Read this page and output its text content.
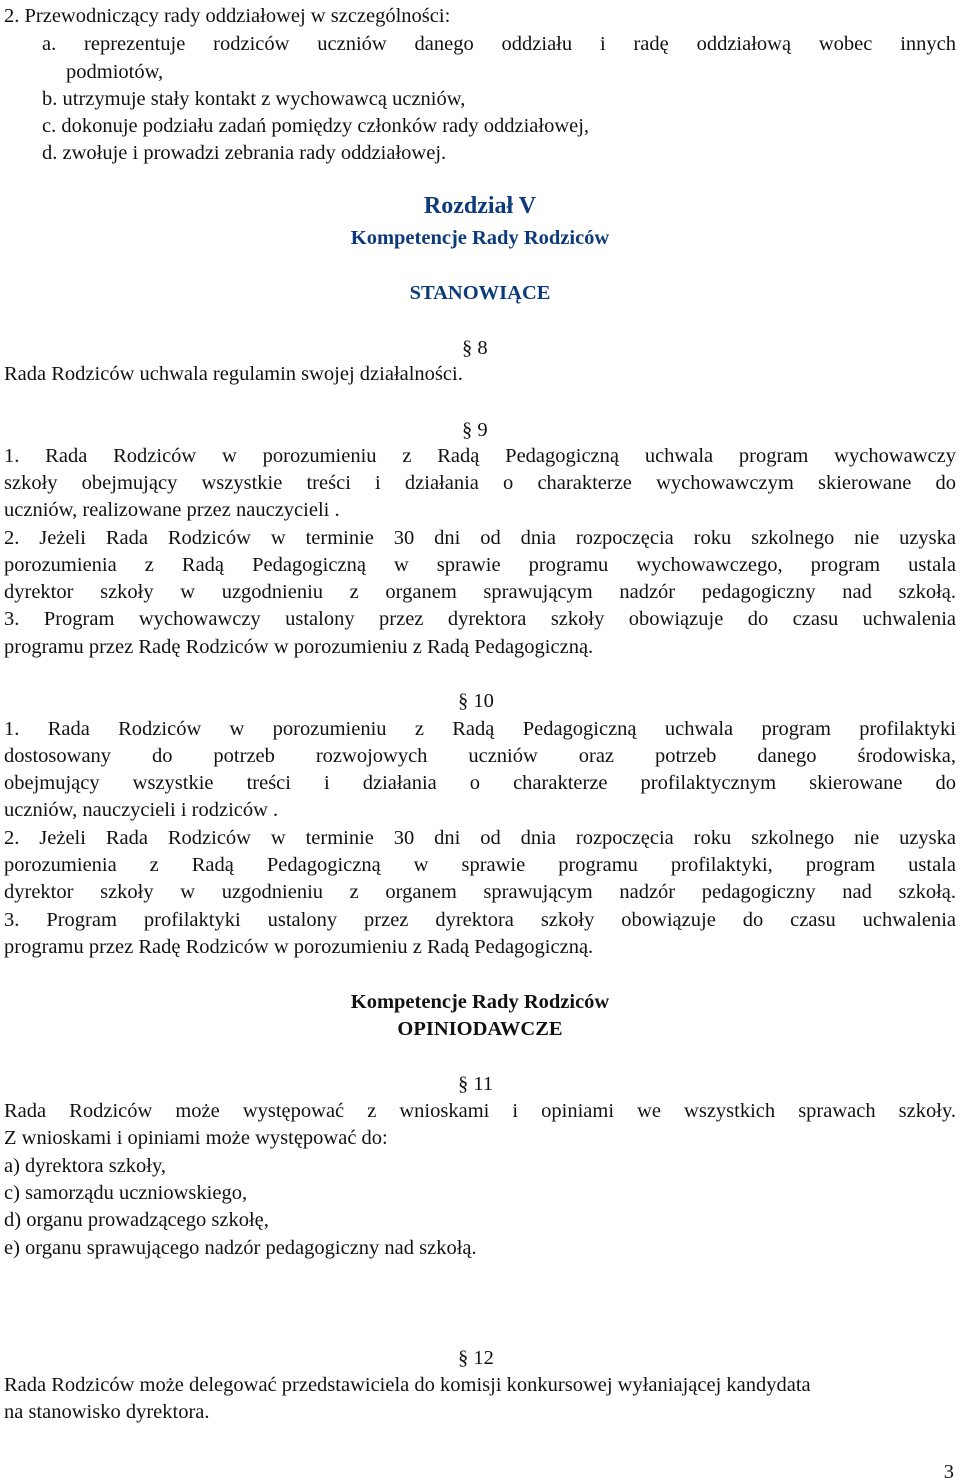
2. Przewodniczący rady oddziałowej w szczególności:
a. reprezentuje rodziców uczniów danego oddziału i radę oddziałową wobec innych
podmiotów,
b. utrzymuje stały kontakt z wychowawcą uczniów,
c. dokonuje podziału zadań pomiędzy członków rady oddziałowej,
d. zwołuje i prowadzi zebrania rady oddziałowej.
Rozdział V
Kompetencje Rady Rodziców
STANOWIĄCE
§ 8
Rada Rodziców uchwala regulamin swojej działalności.
§ 9
1. Rada Rodziców w porozumieniu z Radą Pedagogiczną uchwala program wychowawczy
szkoły obejmujący wszystkie treści i działania o charakterze wychowawczym skierowane do
uczniów, realizowane przez nauczycieli .
2. Jeżeli Rada Rodziców w terminie 30 dni od dnia rozpoczęcia roku szkolnego nie uzyska
porozumienia z Radą Pedagogiczną w sprawie programu wychowawczego, program ustala
dyrektor szkoły w uzgodnieniu z organem sprawującym nadzór pedagogiczny nad szkołą.
3. Program wychowawczy ustalony przez dyrektora szkoły obowiązuje do czasu uchwalenia
programu przez Radę Rodziców w porozumieniu z Radą Pedagogiczną.
§ 10
1. Rada Rodziców w porozumieniu z Radą Pedagogiczną uchwala program profilaktyki
dostosowany do potrzeb rozwojowych uczniów oraz potrzeb danego środowiska,
obejmujący wszystkie treści i działania o charakterze profilaktycznym skierowane do
uczniów, nauczycieli i rodziców .
2. Jeżeli Rada Rodziców w terminie 30 dni od dnia rozpoczęcia roku szkolnego nie uzyska
porozumienia z Radą Pedagogiczną w sprawie programu profilaktyki, program ustala
dyrektor szkoły w uzgodnieniu z organem sprawującym nadzór pedagogiczny nad szkołą.
3. Program profilaktyki ustalony przez dyrektora szkoły obowiązuje do czasu uchwalenia
programu przez Radę Rodziców w porozumieniu z Radą Pedagogiczną.
Kompetencje Rady Rodziców
OPINIODAWCZE
§ 11
Rada Rodziców może występować z wnioskami i opiniami we wszystkich sprawach szkoły.
Z wnioskami i opiniami może występować do:
a) dyrektora szkoły,
c) samorządu uczniowskiego,
d) organu prowadzącego szkołę,
e) organu sprawującego nadzór pedagogiczny nad szkołą.
§ 12
Rada Rodziców może delegować przedstawiciela do komisji konkursowej wyłaniającej kandydata
na stanowisko dyrektora.
3
